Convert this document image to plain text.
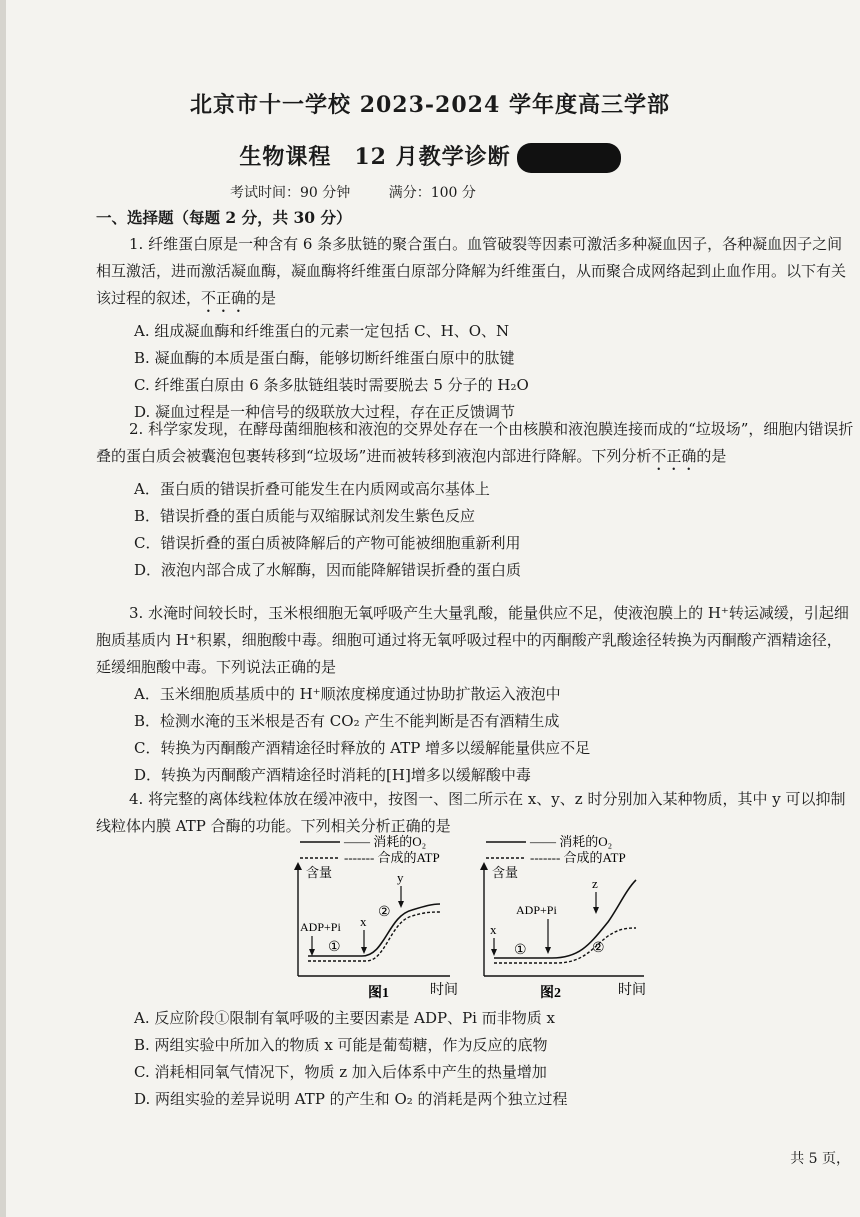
北京市十一学校 2023-2024 学年度高三学部
生物课程　12 月教学诊断
考试时间：90 分钟	满分：100 分
一、选择题（每题 2 分，共 30 分）

1. 纤维蛋白原是一种含有 6 条多肽链的聚合蛋白。血管破裂等因素可激活多种凝血因子，各种凝血因子之间相互激活，进而激活凝血酶，凝血酶将纤维蛋白原部分降解为纤维蛋白，从而聚合成网络起到止血作用。以下有关该过程的叙述，不正确的是

A. 组成凝血酶和纤维蛋白的元素一定包括 C、H、O、N

B. 凝血酶的本质是蛋白酶，能够切断纤维蛋白原中的肽键

C. 纤维蛋白原由 6 条多肽链组装时需要脱去 5 分子的 H₂O

D. 凝血过程是一种信号的级联放大过程，存在正反馈调节

2. 科学家发现，在酵母菌细胞核和液泡的交界处存在一个由核膜和液泡膜连接而成的“垃圾场”，细胞内错误折叠的蛋白质会被囊泡包裹转移到“垃圾场”进而被转移到液泡内部进行降解。下列分析不正确的是

A．蛋白质的错误折叠可能发生在内质网或高尔基体上

B．错误折叠的蛋白质能与双缩脲试剂发生紫色反应

C．错误折叠的蛋白质被降解后的产物可能被细胞重新利用

D．液泡内部合成了水解酶，因而能降解错误折叠的蛋白质

3. 水淹时间较长时，玉米根细胞无氧呼吸产生大量乳酸，能量供应不足，使液泡膜上的 H⁺转运减缓，引起细胞质基质内 H⁺积累，细胞酸中毒。细胞可通过将无氧呼吸过程中的丙酮酸产乳酸途径转换为丙酮酸产酒精途径，延缓细胞酸中毒。下列说法正确的是

A．玉米细胞质基质中的 H⁺顺浓度梯度通过协助扩散运入液泡中

B．检测水淹的玉米根是否有 CO₂ 产生不能判断是否有酒精生成

C．转换为丙酮酸产酒精途径时释放的 ATP 增多以缓解能量供应不足

D．转换为丙酮酸产酒精途径时消耗的[H]增多以缓解酸中毒

4. 将完整的离体线粒体放在缓冲液中，按图一、图二所示在 x、y、z 时分别加入某种物质，其中 y 可以抑制线粒体内膜 ATP 合酶的功能。下列相关分析正确的是

—— 消耗的O₂
------- 合成的ATP
含量
ADP+Pi x
y
①
②
图1	时间
—— 消耗的O₂
------- 合成的ATP
含量
ADP+Pi
x
z
①	②
图2	时间

A. 反应阶段①限制有氧呼吸的主要因素是 ADP、Pi 而非物质 x

B. 两组实验中所加入的物质 x 可能是葡萄糖，作为反应的底物

C. 消耗相同氧气情况下，物质 z 加入后体系中产生的热量增加

D. 两组实验的差异说明 ATP 的产生和 O₂ 的消耗是两个独立过程

共 5 页，
